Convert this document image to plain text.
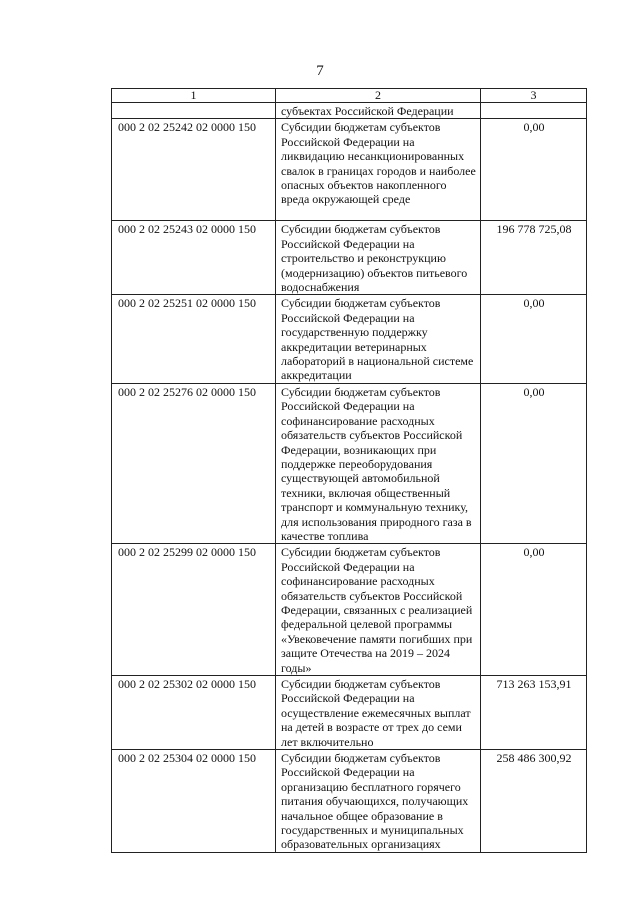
7
1	2	3
	субъектах Российской Федерации	
000 2 02 25242 02 0000 150	Субсидии бюджетам субъектов Российской Федерации на ликвидацию несанкционированных свалок в границах городов и наиболее опасных объектов накопленного вреда окружающей среде	0,00
000 2 02 25243 02 0000 150	Субсидии бюджетам субъектов Российской Федерации на строительство и реконструкцию (модернизацию) объектов питьевого водоснабжения	196 778 725,08
000 2 02 25251 02 0000 150	Субсидии бюджетам субъектов Российской Федерации на государственную поддержку аккредитации ветеринарных лабораторий в национальной системе аккредитации	0,00
000 2 02 25276 02 0000 150	Субсидии бюджетам субъектов Российской Федерации на софинансирование расходных обязательств субъектов Российской Федерации, возникающих при поддержке переоборудования существующей автомобильной техники, включая общественный транспорт и коммунальную технику, для использования природного газа в качестве топлива	0,00
000 2 02 25299 02 0000 150	Субсидии бюджетам субъектов Российской Федерации на софинансирование расходных обязательств субъектов Российской Федерации, связанных с реализацией федеральной целевой программы «Увековечение памяти погибших при защите Отечества на 2019 – 2024 годы»	0,00
000 2 02 25302 02 0000 150	Субсидии бюджетам субъектов Российской Федерации на осуществление ежемесячных выплат на детей в возрасте от трех до семи лет включительно	713 263 153,91
000 2 02 25304 02 0000 150	Субсидии бюджетам субъектов Российской Федерации на организацию бесплатного горячего питания обучающихся, получающих начальное общее образование в государственных и муниципальных образовательных организациях	258 486 300,92
